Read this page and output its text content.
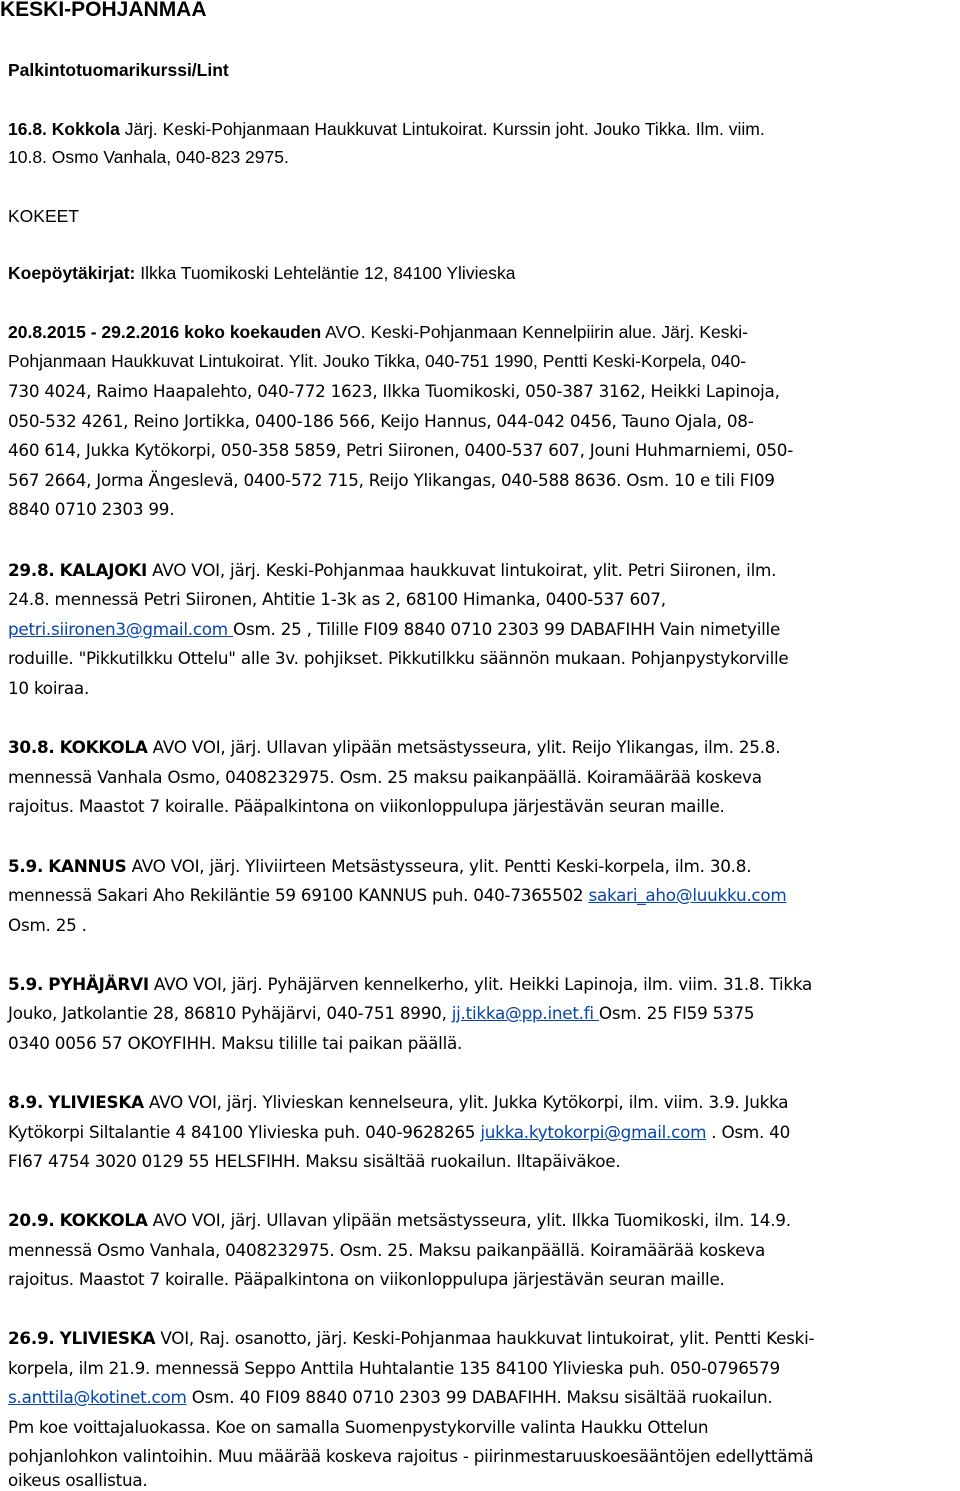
KESKI-POHJANMAA
Palkintotuomarikurssi/Lint
16.8. Kokkola Järj. Keski-Pohjanmaan Haukkuvat Lintukoirat. Kurssin joht. Jouko Tikka. Ilm. viim.
10.8. Osmo Vanhala, 040-823 2975.
KOKEET
Koepöytäkirjat: Ilkka Tuomikoski Lehteläntie 12, 84100 Ylivieska
20.8.2015 - 29.2.2016 koko koekauden AVO. Keski-Pohjanmaan Kennelpiirin alue. Järj. Keski-
Pohjanmaan Haukkuvat Lintukoirat. Ylit. Jouko Tikka, 040-751 1990, Pentti Keski-Korpela, 040-
730 4024, Raimo Haapalehto, 040-772 1623, Ilkka Tuomikoski, 050-387 3162, Heikki Lapinoja,
050-532 4261, Reino Jortikka, 0400-186 566, Keijo Hannus, 044-042 0456, Tauno Ojala, 08-
460 614, Jukka Kytökorpi, 050-358 5859, Petri Siironen, 0400-537 607, Jouni Huhmarniemi, 050-
567 2664, Jorma Ängeslevä, 0400-572 715, Reijo Ylikangas, 040-588 8636. Osm. 10 e tili FI09
8840 0710 2303 99.
29.8. KALAJOKI AVO VOI, järj. Keski-Pohjanmaa haukkuvat lintukoirat, ylit. Petri Siironen, ilm.
24.8. mennessä Petri Siironen, Ahtitie 1-3k as 2, 68100 Himanka, 0400-537 607,
petri.siironen3@gmail.com Osm. 25 , Tilille FI09 8840 0710 2303 99 DABAFIHH Vain nimetyille
roduille. "Pikkutilkku Ottelu" alle 3v. pohjikset. Pikkutilkku säännön mukaan. Pohjanpystykorville
10 koiraa.
30.8. KOKKOLA AVO VOI, järj. Ullavan ylipään metsästysseura, ylit. Reijo Ylikangas, ilm. 25.8.
mennessä Vanhala Osmo, 0408232975. Osm. 25 maksu paikanpäällä. Koiramäärää koskeva
rajoitus. Maastot 7 koiralle. Pääpalkintona on viikonloppulupa järjestävän seuran maille.
5.9. KANNUS AVO VOI, järj. Yliviirteen Metsästysseura, ylit. Pentti Keski-korpela, ilm. 30.8.
mennessä Sakari Aho Rekiläntie 59 69100 KANNUS puh. 040-7365502 sakari_aho@luukku.com
Osm. 25 .
5.9. PYHÄJÄRVI AVO VOI, järj. Pyhäjärven kennelkerho, ylit. Heikki Lapinoja, ilm. viim. 31.8. Tikka
Jouko, Jatkolantie 28, 86810 Pyhäjärvi, 040-751 8990, jj.tikka@pp.inet.fi Osm. 25 FI59 5375
0340 0056 57 OKOYFIHH. Maksu tilille tai paikan päällä.
8.9. YLIVIESKA AVO VOI, järj. Ylivieskan kennelseura, ylit. Jukka Kytökorpi, ilm. viim. 3.9. Jukka
Kytökorpi Siltalantie 4 84100 Ylivieska puh. 040-9628265 jukka.kytokorpi@gmail.com . Osm. 40
FI67 4754 3020 0129 55 HELSFIHH. Maksu sisältää ruokailun. Iltapäiväkoe.
20.9. KOKKOLA AVO VOI, järj. Ullavan ylipään metsästysseura, ylit. Ilkka Tuomikoski, ilm. 14.9.
mennessä Osmo Vanhala, 0408232975. Osm. 25. Maksu paikanpäällä. Koiramäärää koskeva
rajoitus. Maastot 7 koiralle. Pääpalkintona on viikonloppulupa järjestävän seuran maille.
26.9. YLIVIESKA VOI, Raj. osanotto, järj. Keski-Pohjanmaa haukkuvat lintukoirat, ylit. Pentti Keski-
korpela, ilm 21.9. mennessä Seppo Anttila Huhtalantie 135 84100 Ylivieska puh. 050-0796579
s.anttila@kotinet.com Osm. 40 FI09 8840 0710 2303 99 DABAFIHH. Maksu sisältää ruokailun.
Pm koe voittajaluokassa. Koe on samalla Suomenpystykorville valinta Haukku Ottelun
pohjanlohkon valintoihin. Muu määrää koskeva rajoitus - piirinmestaruuskoesääntöjen edellyttämä
oikeus osallistua.
